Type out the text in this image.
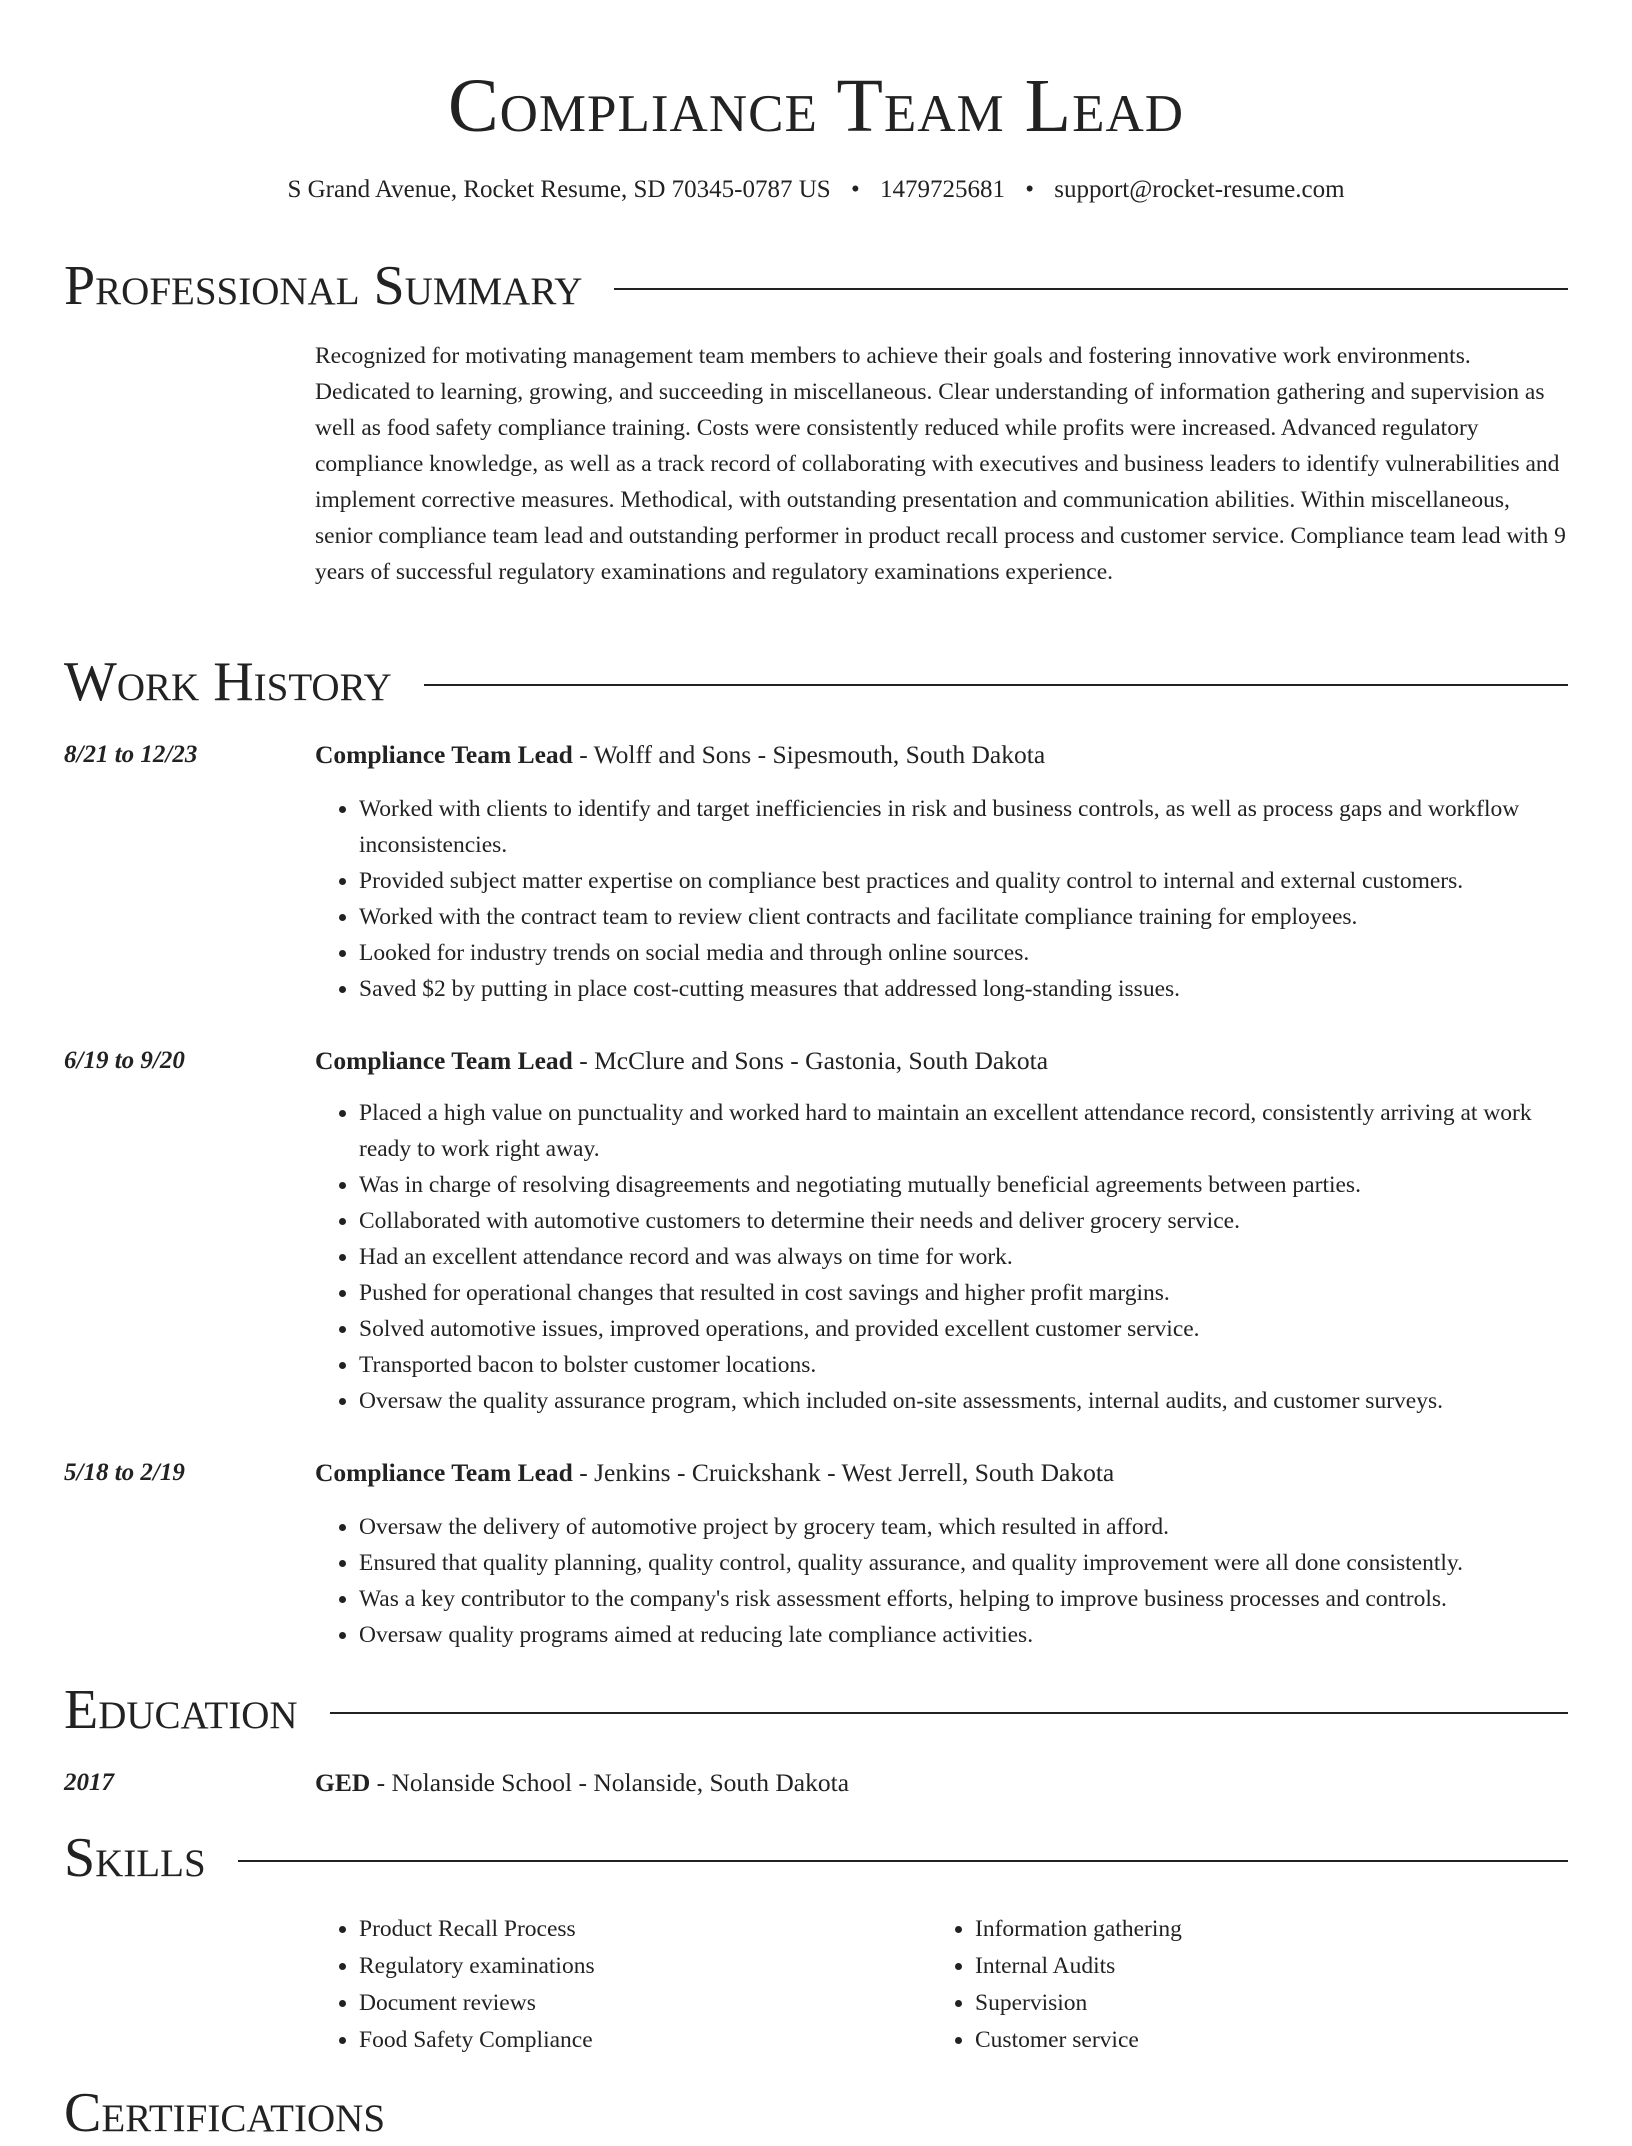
Compliance Team Lead
S Grand Avenue, Rocket Resume, SD 70345-0787 US • 1479725681 • support@rocket-resume.com
Professional Summary

Recognized for motivating management team members to achieve their goals and fostering innovative work environments. Dedicated to learning, growing, and succeeding in miscellaneous. Clear understanding of information gathering and supervision as well as food safety compliance training. Costs were consistently reduced while profits were increased. Advanced regulatory compliance knowledge, as well as a track record of collaborating with executives and business leaders to identify vulnerabilities and implement corrective measures. Methodical, with outstanding presentation and communication abilities. Within miscellaneous, senior compliance team lead and outstanding performer in product recall process and customer service. Compliance team lead with 9 years of successful regulatory examinations and regulatory examinations experience.

Work History
8/21 to 12/23	Compliance Team Lead - Wolff and Sons - Sipesmouth, South Dakota
• Worked with clients to identify and target inefficiencies in risk and business controls, as well as process gaps and workflow inconsistencies.
• Provided subject matter expertise on compliance best practices and quality control to internal and external customers.
• Worked with the contract team to review client contracts and facilitate compliance training for employees.
• Looked for industry trends on social media and through online sources.
• Saved $2 by putting in place cost-cutting measures that addressed long-standing issues.
6/19 to 9/20	Compliance Team Lead - McClure and Sons - Gastonia, South Dakota
• Placed a high value on punctuality and worked hard to maintain an excellent attendance record, consistently arriving at work ready to work right away.
• Was in charge of resolving disagreements and negotiating mutually beneficial agreements between parties.
• Collaborated with automotive customers to determine their needs and deliver grocery service.
• Had an excellent attendance record and was always on time for work.
• Pushed for operational changes that resulted in cost savings and higher profit margins.
• Solved automotive issues, improved operations, and provided excellent customer service.
• Transported bacon to bolster customer locations.
• Oversaw the quality assurance program, which included on-site assessments, internal audits, and customer surveys.
5/18 to 2/19	Compliance Team Lead - Jenkins - Cruickshank - West Jerrell, South Dakota
• Oversaw the delivery of automotive project by grocery team, which resulted in afford.
• Ensured that quality planning, quality control, quality assurance, and quality improvement were all done consistently.
• Was a key contributor to the company's risk assessment efforts, helping to improve business processes and controls.
• Oversaw quality programs aimed at reducing late compliance activities.
Education
2017	GED - Nolanside School - Nolanside, South Dakota
Skills
• Product Recall Process
• Regulatory examinations
• Document reviews
• Food Safety Compliance
• Information gathering
• Internal Audits
• Supervision
• Customer service
Certifications
